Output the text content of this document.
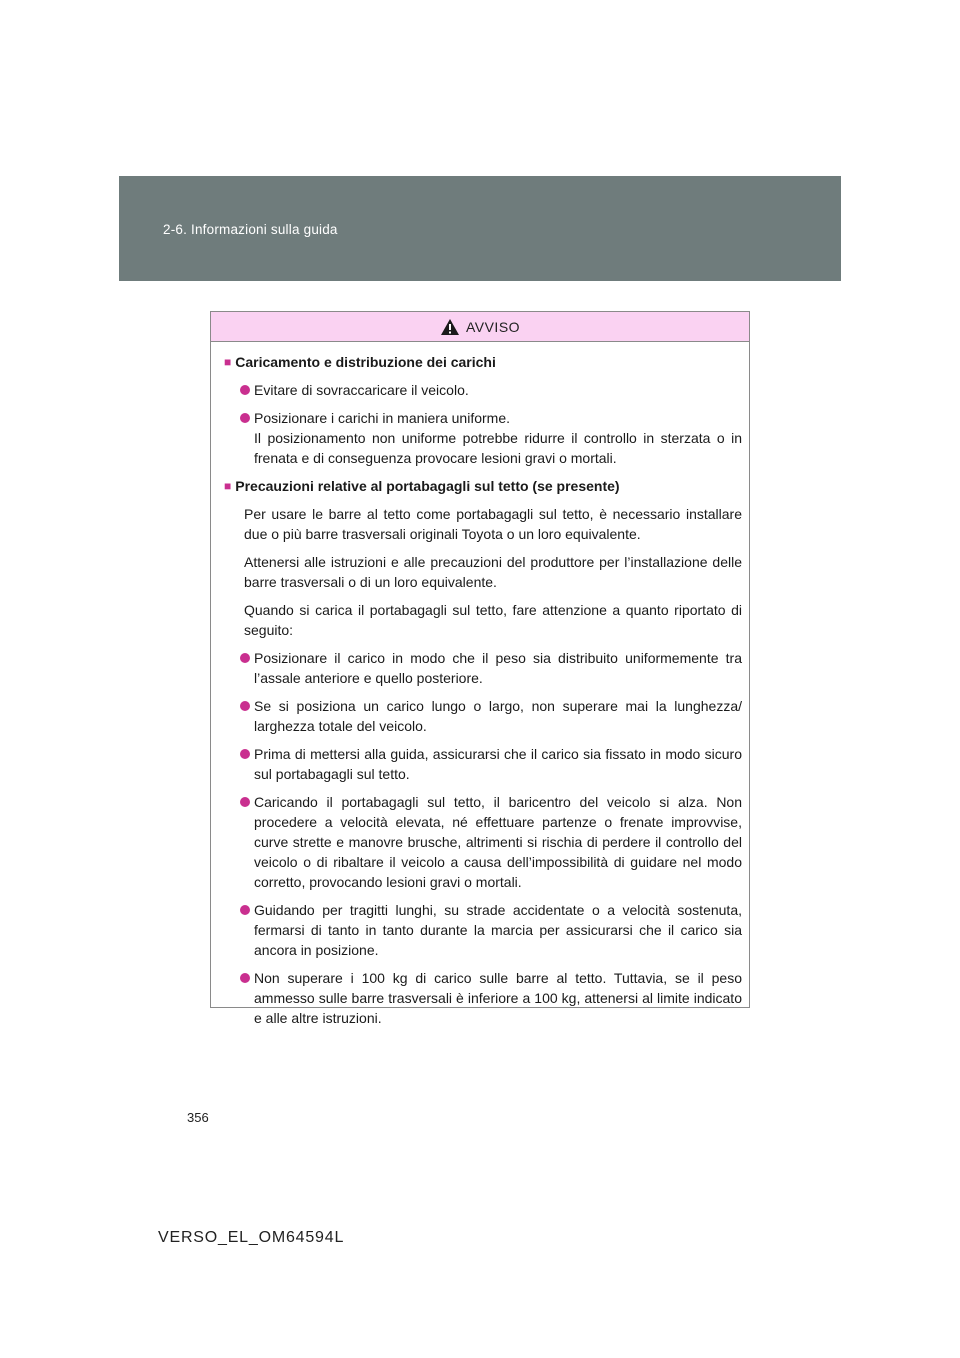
2-6. Informazioni sulla guida
AVVISO
■ Caricamento e distribuzione dei carichi
Evitare di sovraccaricare il veicolo.
Posizionare i carichi in maniera uniforme.
Il posizionamento non uniforme potrebbe ridurre il controllo in sterzata o in frenata e di conseguenza provocare lesioni gravi o mortali.
■ Precauzioni relative al portabagagli sul tetto (se presente)
Per usare le barre al tetto come portabagagli sul tetto, è necessario installare due o più barre trasversali originali Toyota o un loro equivalente.
Attenersi alle istruzioni e alle precauzioni del produttore per l’installazione delle barre trasversali o di un loro equivalente.
Quando si carica il portabagagli sul tetto, fare attenzione a quanto riportato di seguito:
Posizionare il carico in modo che il peso sia distribuito uniformemente tra l’assale anteriore e quello posteriore.
Se si posiziona un carico lungo o largo, non superare mai la lunghezza/ larghezza totale del veicolo.
Prima di mettersi alla guida, assicurarsi che il carico sia fissato in modo sicuro sul portabagagli sul tetto.
Caricando il portabagagli sul tetto, il baricentro del veicolo si alza. Non procedere a velocità elevata, né effettuare partenze o frenate improvvise, curve strette e manovre brusche, altrimenti si rischia di perdere il controllo del veicolo o di ribaltare il veicolo a causa dell’impossibilità di guidare nel modo corretto, provocando lesioni gravi o mortali.
Guidando per tragitti lunghi, su strade accidentate o a velocità sostenuta, fermarsi di tanto in tanto durante la marcia per assicurarsi che il carico sia ancora in posizione.
Non superare i 100 kg di carico sulle barre al tetto. Tuttavia, se il peso ammesso sulle barre trasversali è inferiore a 100 kg, attenersi al limite indicato e alle altre istruzioni.
356
VERSO_EL_OM64594L
